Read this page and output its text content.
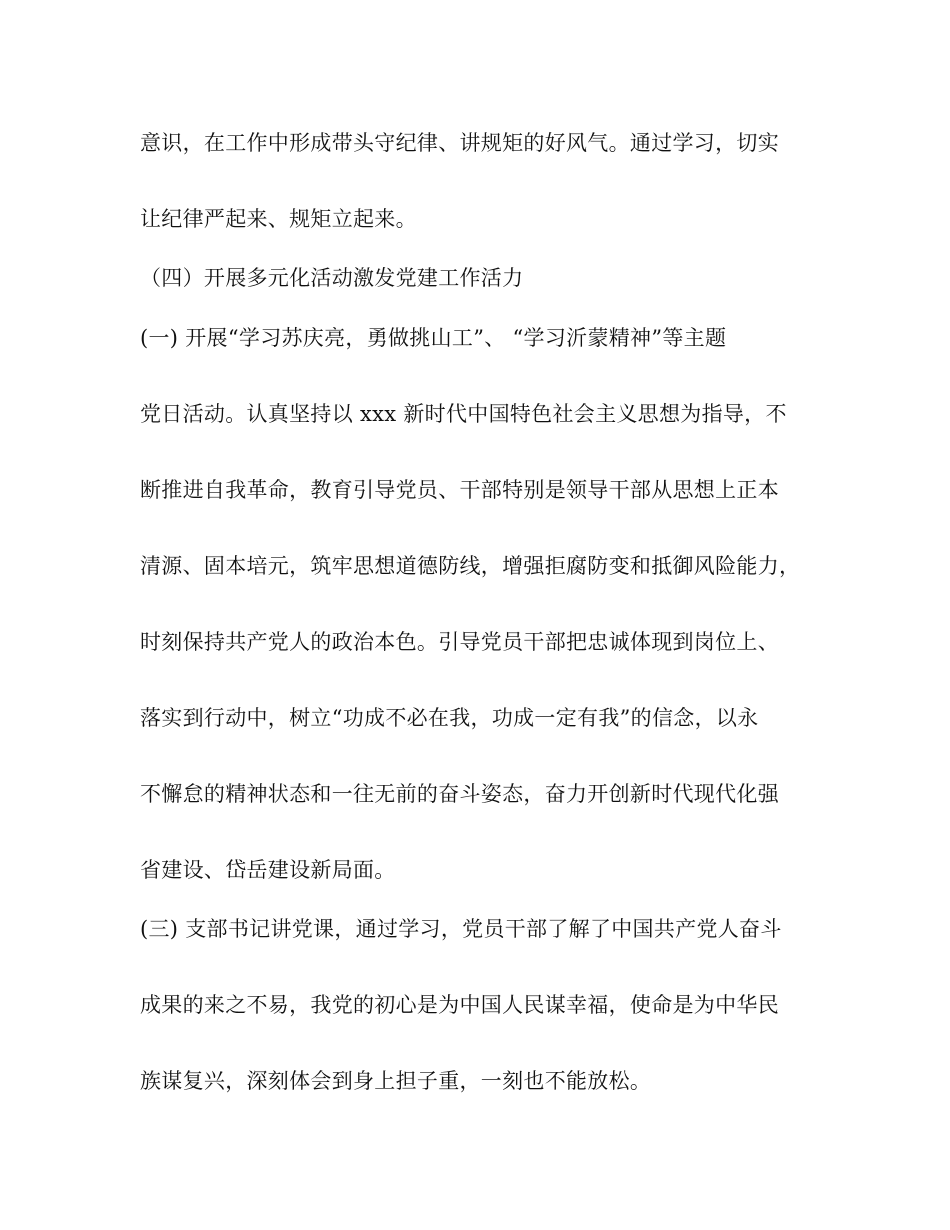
意识，在工作中形成带头守纪律、讲规矩的好风气。通过学习，切实
让纪律严起来、规矩立起来。
（四）开展多元化活动激发党建工作活力
(一) 开展“学习苏庆亮，勇做挑山工”、 “学习沂蒙精神”等主题
党日活动。认真坚持以 xxx 新时代中国特色社会主义思想为指导，不
断推进自我革命，教育引导党员、干部特别是领导干部从思想上正本
清源、固本培元，筑牢思想道德防线，增强拒腐防变和抵御风险能力，
时刻保持共产党人的政治本色。引导党员干部把忠诚体现到岗位上、
落实到行动中，树立“功成不必在我，功成一定有我”的信念，以永
不懈怠的精神状态和一往无前的奋斗姿态，奋力开创新时代现代化强
省建设、岱岳建设新局面。
(三) 支部书记讲党课，通过学习，党员干部了解了中国共产党人奋斗
成果的来之不易，我党的初心是为中国人民谋幸福，使命是为中华民
族谋复兴，深刻体会到身上担子重，一刻也不能放松。
